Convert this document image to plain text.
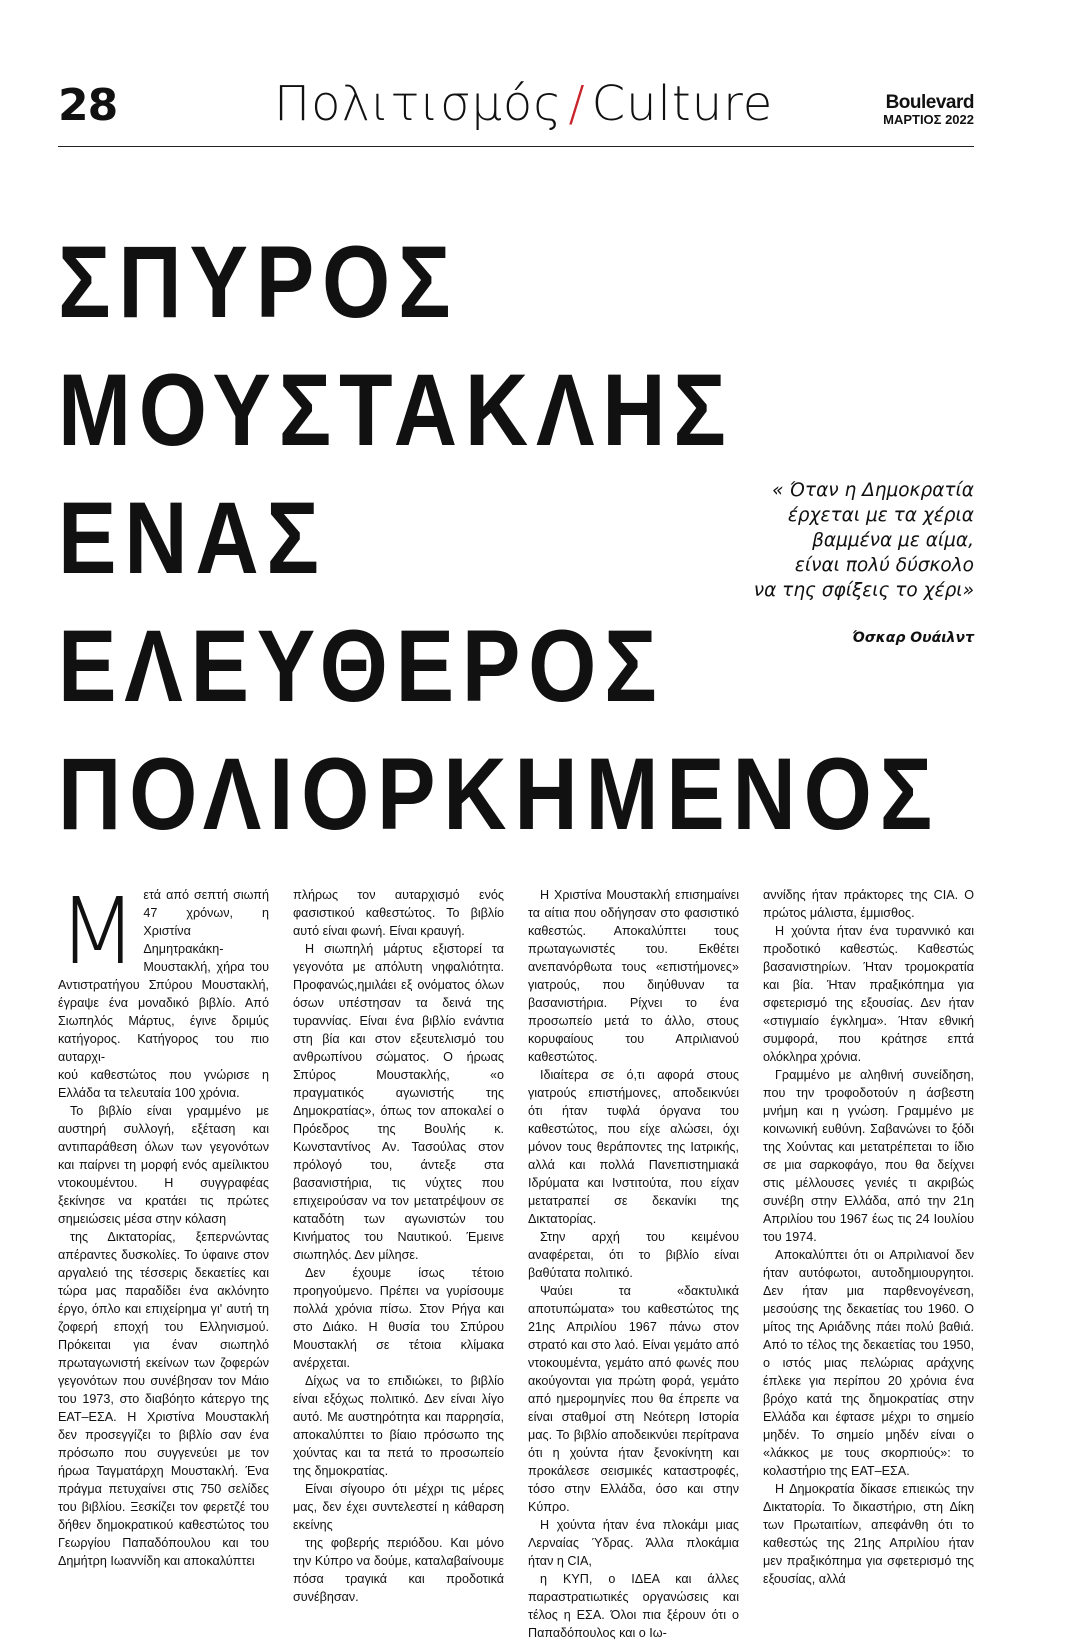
28	Πολιτισμός / Culture	Boulevard
ΜΑΡΤΙΟΣ 2022
ΣΠΥΡΟΣ
ΜΟΥΣΤΑΚΛΗΣ
ΕΝΑΣ
ΕΛΕΥΘΕΡΟΣ
ΠΟΛΙΟΡΚΗΜΕΝΟΣ
« Όταν η Δημοκρατία
έρχεται με τα χέρια
βαμμένα με αίμα,
είναι πολύ δύσκολο
να της σφίξεις το χέρι»

Όσκαρ Ουάιλντ

Μετά από σεπτή σιωπή 47 χρόνων, η Χριστίνα Δημητρακάκη-Μουστακλή, χήρα του Αντιστρατήγου Σπύρου Μουστακλή, έγραψε ένα μοναδικό βιβλίο. Από Σιωπηλός Μάρτυς, έγινε δριμύς κατήγορος. Κατήγορος του πιο αυταρχι-

κού καθεστώτος που γνώρισε η Ελλάδα τα τελευταία 100 χρόνια.

Το βιβλίο είναι γραμμένο με αυστηρή συλλογή, εξέταση και αντιπαράθεση όλων των γεγονότων και παίρνει τη μορφή ενός αμείλικτου ντοκουμέντου. Η συγγραφέας ξεκίνησε να κρατάει τις πρώτες σημειώσεις μέσα στην κόλαση

της Δικτατορίας, ξεπερνώντας απέραντες δυσκολίες. Το ύφαινε στον αργαλειό της τέσσερις δεκαετίες και τώρα μας παραδίδει ένα ακλόνητο έργο, όπλο και επιχείρημα γι' αυτή τη ζοφερή εποχή του Ελληνισμού. Πρόκειται για έναν σιωπηλό πρωταγωνιστή εκείνων των ζοφερών γεγονότων που συνέβησαν τον Μάιο του 1973, στο διαβόητο κάτεργο της ΕΑΤ–ΕΣΑ. Η Χριστίνα Μουστακλή δεν προσεγγίζει το βιβλίο σαν ένα πρόσωπο που συγγενεύει με τον ήρωα Ταγματάρχη Μουστακλή. Ένα πράγμα πετυχαίνει στις 750 σελίδες του βιβλίου. Ξεσκίζει τον φερετζέ του δήθεν δημοκρατικού καθεστώτος του Γεωργίου Παπαδόπουλου και του Δημήτρη Ιωαννίδη και αποκαλύπτει

πλήρως τον αυταρχισμό ενός φασιστικού καθεστώτος. Το βιβλίο αυτό είναι φωνή. Είναι κραυγή.

Η σιωπηλή μάρτυς εξιστορεί τα γεγονότα με απόλυτη νηφαλιότητα. Προφανώς,ημιλάει εξ ονόματος όλων όσων υπέστησαν τα δεινά της τυραννίας. Είναι ένα βιβλίο ενάντια στη βία και στον εξευτελισμό του ανθρωπίνου σώματος. Ο ήρωας Σπύρος Μουστακλής, «ο πραγματικός αγωνιστής της Δημοκρατίας», όπως τον αποκαλεί ο Πρόεδρος της Βουλής κ. Κωνσταντίνος Αν. Τασούλας στον πρόλογό του, άντεξε στα βασανιστήρια, τις νύχτες που επιχειρούσαν να τον μετατρέψουν σε καταδότη των αγωνιστών του Κινήματος του Ναυτικού. Έμεινε σιωπηλός. Δεν μίλησε.

Δεν έχουμε ίσως τέτοιο προηγούμενο. Πρέπει να γυρίσουμε πολλά χρόνια πίσω. Στον Ρήγα και στο Διάκο. Η θυσία του Σπύρου Μουστακλή σε τέτοια κλίμακα ανέρχεται.

Δίχως να το επιδιώκει, το βιβλίο είναι εξόχως πολιτικό. Δεν είναι λίγο αυτό. Με αυστηρότητα και παρρησία, αποκαλύπτει το βίαιο πρόσωπο της χούντας και τα πετά το προσωπείο της δημοκρατίας.

Είναι σίγουρο ότι μέχρι τις μέρες μας, δεν έχει συντελεστεί η κάθαρση εκείνης

της φοβερής περιόδου. Και μόνο την Κύπρο να δούμε, καταλαβαίνουμε πόσα τραγικά και προδοτικά συνέβησαν.

Η Χριστίνα Μουστακλή επισημαίνει τα αίτια που οδήγησαν στο φασιστικό καθεστώς. Αποκαλύπτει τους πρωταγωνιστές του. Εκθέτει ανεπανόρθωτα τους «επιστήμονες» γιατρούς, που διηύθυναν τα βασανιστήρια. Ρίχνει το ένα προσωπείο μετά το άλλο, στους κορυφαίους του Απριλιανού καθεστώτος.

Ιδιαίτερα σε ό,τι αφορά στους γιατρούς επιστήμονες, αποδεικνύει ότι ήταν τυφλά όργανα του καθεστώτος, που είχε αλώσει, όχι μόνον τους θεράποντες της Ιατρικής, αλλά και πολλά Πανεπιστημιακά Ιδρύματα και Ινστιτούτα, που είχαν μετατραπεί σε δεκανίκι της Δικτατορίας.

Στην αρχή του κειμένου αναφέρεται, ότι το βιβλίο είναι βαθύτατα πολιτικό.

Ψαύει τα «δακτυλικά αποτυπώματα» του καθεστώτος της 21ης Απριλίου 1967 πάνω στον στρατό και στο λαό. Είναι γεμάτο από ντοκουμέντα, γεμάτο από φωνές που ακούγονται για πρώτη φορά, γεμάτο από ημερομηνίες που θα έπρεπε να είναι σταθμοί στη Νεότερη Ιστορία μας. Το βιβλίο αποδεικνύει περίτρανα ότι η χούντα ήταν ξενοκίνητη και προκάλεσε σεισμικές καταστροφές, τόσο στην Ελλάδα, όσο και στην Κύπρο.

Η χούντα ήταν ένα πλοκάμι μιας Λερναίας Ύδρας. Άλλα πλοκάμια ήταν η CIA,

η ΚΥΠ, ο ΙΔΕΑ και άλλες παραστρατιωτικές οργανώσεις και τέλος η ΕΣΑ. Όλοι πια ξέρουν ότι ο Παπαδόπουλος και ο Ιω-

αννίδης ήταν πράκτορες της CIA. Ο πρώτος μάλιστα, έμμισθος.

Η χούντα ήταν ένα τυραννικό και προδοτικό καθεστώς. Καθεστώς βασανιστηρίων. Ήταν τρομοκρατία και βία. Ήταν πραξικόπημα για σφετερισμό της εξουσίας. Δεν ήταν «στιγμιαίο έγκλημα». Ήταν εθνική συμφορά, που κράτησε επτά ολόκληρα χρόνια.

Γραμμένο με αληθινή συνείδηση, που την τροφοδοτούν η άσβεστη μνήμη και η γνώση. Γραμμένο με κοινωνική ευθύνη. Σαβανώνει το ξόδι της Χούντας και μετατρέπεται το ίδιο σε μια σαρκοφάγο, που θα δείχνει στις μέλλουσες γενιές τι ακριβώς συνέβη στην Ελλάδα, από την 21η Απριλίου του 1967 έως τις 24 Ιουλίου του 1974.

Αποκαλύπτει ότι οι Απριλιανοί δεν ήταν αυτόφωτοι, αυτοδημιουργητοι. Δεν ήταν μια παρθενογένεση, μεσούσης της δεκαετίας του 1960. Ο μίτος της Αριάδνης πάει πολύ βαθιά. Από το τέλος της δεκαετίας του 1950, ο ιστός μιας πελώριας αράχνης έπλεκε για περίπου 20 χρόνια ένα βρόχο κατά της δημοκρατίας στην Ελλάδα και έφτασε μέχρι το σημείο μηδέν. Το σημείο μηδέν είναι ο «λάκκος με τους σκορπιούς»: το κολαστήριο της ΕΑΤ–ΕΣΑ.

Η Δημοκρατία δίκασε επιεικώς την Δικτατορία. Το δικαστήριο, στη Δίκη των Πρωταιτίων, απεφάνθη ότι το καθεστώς της 21ης Απριλίου ήταν μεν πραξικόπημα για σφετερισμό της εξουσίας, αλλά
